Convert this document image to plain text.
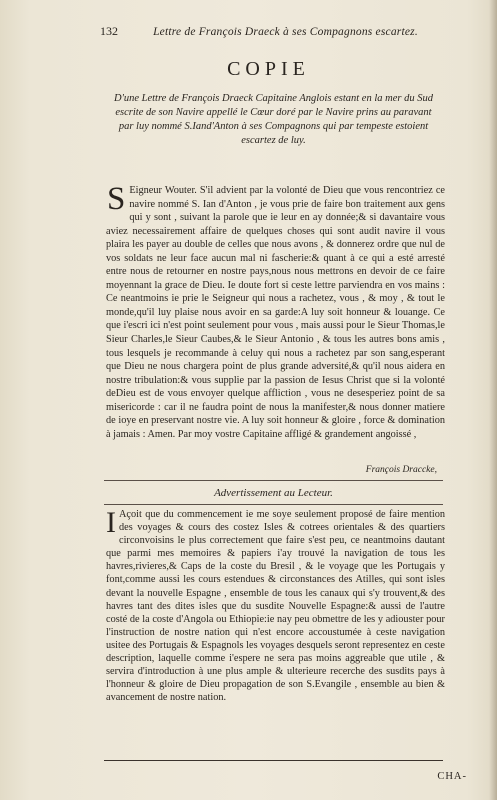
132	Lettre de François Draeck à ses Compagnons escartez.
COPIE
D'une Lettre de François Draeck Capitaine Anglois estant en la mer du Sud escrite de son Navire appellé le Cœur doré par le Navire prins au paravant par luy nommé S.Iand'Anton à ses Compagnons qui par tempeste estoient escartez de luy.
S Eigneur Wouter. S'il advient par la volonté de Dieu que vous rencontriez ce navire nommé S. Ian d'Anton , je vous prie de faire bon traitement aux gens qui y sont , suivant la parole que ie leur en ay donnée;& si davantaire vous aviez necessairement affaire de quelques choses qui sont audit navire il vous plaira les payer au double de celles que nous avons , & donnerez ordre que nul de vos soldats ne leur face aucun mal ni fascherie:& quant à ce qui a esté arresté entre nous de retourner en nostre pays,nous nous mettrons en devoir de ce faire moyennant la grace de Dieu. Ie doute fort si ceste lettre parviendra en vos mains : Ce neantmoins ie prie le Seigneur qui nous a rachetez, vous , & moy , & tout le monde,qu'il luy plaise nous avoir en sa garde:A luy soit honneur & louange. Ce que i'escri ici n'est point seulement pour vous , mais aussi pour le Sieur Thomas,le Sieur Charles,le Sieur Caubes,& le Sieur Antonio , & tous les autres bons amis , tous lesquels je recommande à celuy qui nous a rachetez par son sang,esperant que Dieu ne nous chargera point de plus grande adversité,& qu'il nous aidera en nostre tribulation:& vous supplie par la passion de Iesus Christ que si la volonté deDieu est de vous envoyer quelque affliction , vous ne desesperiez point de sa misericorde : car il ne faudra point de nous la manifester,& nous donner matiere de ioye en preservant nostre vie. A luy soit honneur & gloire , force & domination à jamais : Amen. Par moy vostre Capitaine affligé & grandement angoissé ,
François Draccke,
Advertissement au Lecteur.
I Açoit que du commencement ie me soye seulement proposé de faire mention des voyages & cours des costez Isles & cotrees orientales & des quartiers circonvoisins le plus correctement que faire s'est peu, ce neantmoins dautant que parmi mes memoires & papiers i'ay trouvé la navigation de tous les havres,rivieres,& Caps de la coste du Bresil , & le voyage que les Portugais y font,comme aussi les cours estendues & circonstances des Atilles, qui sont isles devant la nouvelle Espagne , ensemble de tous les canaux qui s'y trouvent,& des havres tant des dites isles que du susdite Nouvelle Espagne:& aussi de l'autre costé de la coste d'Angola ou Ethiopie:ie nay peu obmettre de les y adiouster pour l'instruction de nostre nation qui n'est encore accoustumée à ceste navigation usitee des Portugais & Espagnols les voyages desquels seront representez en ceste description, laquelle comme i'espere ne sera pas moins aggreable que utile , & servira d'introduction à une plus ample & ulterieure recerche des susdits pays à l'honneur & gloire de Dieu propagation de son S.Evangile , ensemble au bien & avancement de nostre nation.
CHA-
